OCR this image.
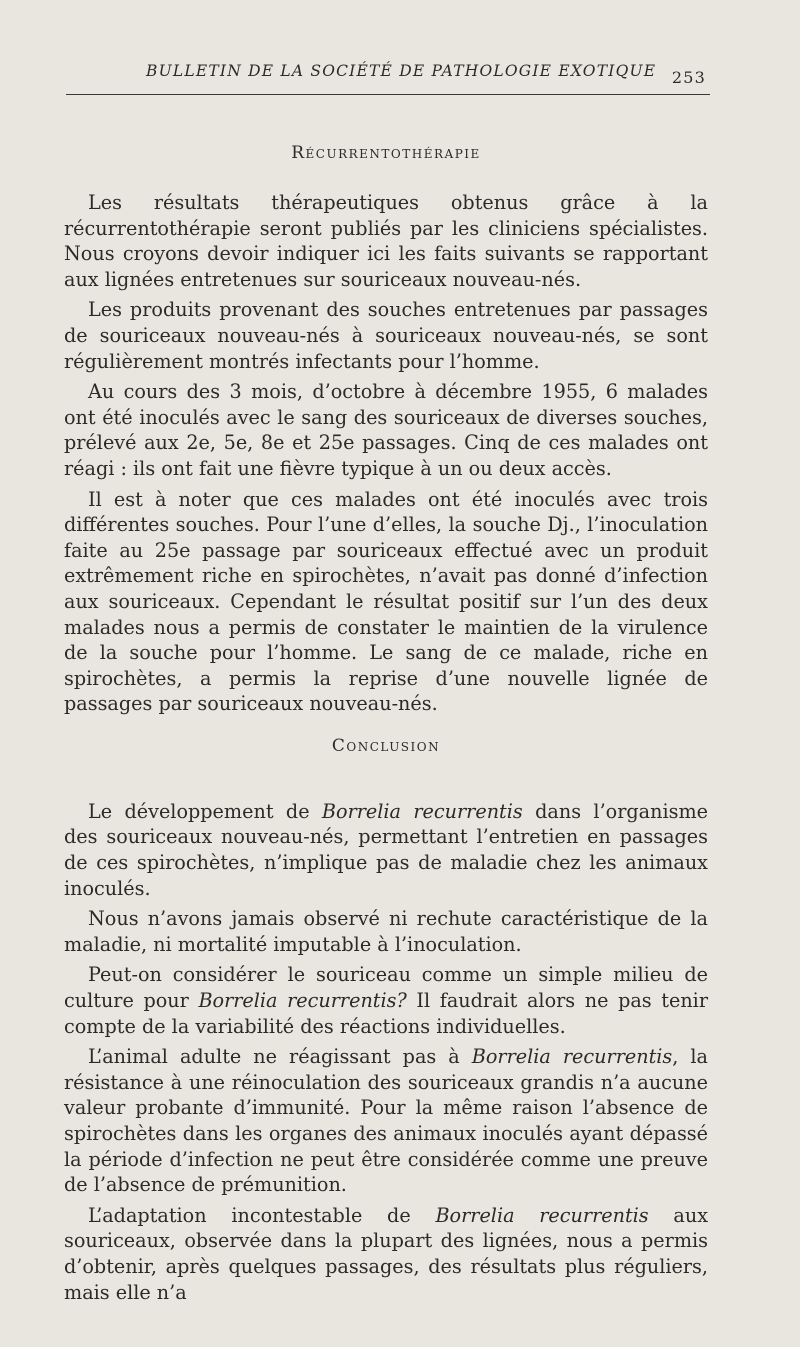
BULLETIN DE LA SOCIÉTÉ DE PATHOLOGIE EXOTIQUE 253
Récurrentothérapie

Les résultats thérapeutiques obtenus grâce à la récurrentothérapie seront publiés par les cliniciens spécialistes. Nous croyons devoir indiquer ici les faits suivants se rapportant aux lignées entretenues sur souriceaux nouveau-nés.

Les produits provenant des souches entretenues par passages de souriceaux nouveau-nés à souriceaux nouveau-nés, se sont régulièrement montrés infectants pour l’homme.

Au cours des 3 mois, d’octobre à décembre 1955, 6 malades ont été inoculés avec le sang des souriceaux de diverses souches, prélevé aux 2e, 5e, 8e et 25e passages. Cinq de ces malades ont réagi : ils ont fait une fièvre typique à un ou deux accès.

Il est à noter que ces malades ont été inoculés avec trois différentes souches. Pour l’une d’elles, la souche Dj., l’inoculation faite au 25e passage par souriceaux effectué avec un produit extrêmement riche en spirochètes, n’avait pas donné d’infection aux souriceaux. Cependant le résultat positif sur l’un des deux malades nous a permis de constater le maintien de la virulence de la souche pour l’homme. Le sang de ce malade, riche en spirochètes, a permis la reprise d’une nouvelle lignée de passages par souriceaux nouveau-nés.

Conclusion

Le développement de Borrelia recurrentis dans l’organisme des souriceaux nouveau-nés, permettant l’entretien en passages de ces spirochètes, n’implique pas de maladie chez les animaux inoculés.

Nous n’avons jamais observé ni rechute caractéristique de la maladie, ni mortalité imputable à l’inoculation.

Peut-on considérer le souriceau comme un simple milieu de culture pour Borrelia recurrentis? Il faudrait alors ne pas tenir compte de la variabilité des réactions individuelles.

L’animal adulte ne réagissant pas à Borrelia recurrentis, la résistance à une réinoculation des souriceaux grandis n’a aucune valeur probante d’immunité. Pour la même raison l’absence de spirochètes dans les organes des animaux inoculés ayant dépassé la période d’infection ne peut être considérée comme une preuve de l’absence de prémunition.

L’adaptation incontestable de Borrelia recurrentis aux souriceaux, observée dans la plupart des lignées, nous a permis d’obtenir, après quelques passages, des résultats plus réguliers, mais elle n’a
